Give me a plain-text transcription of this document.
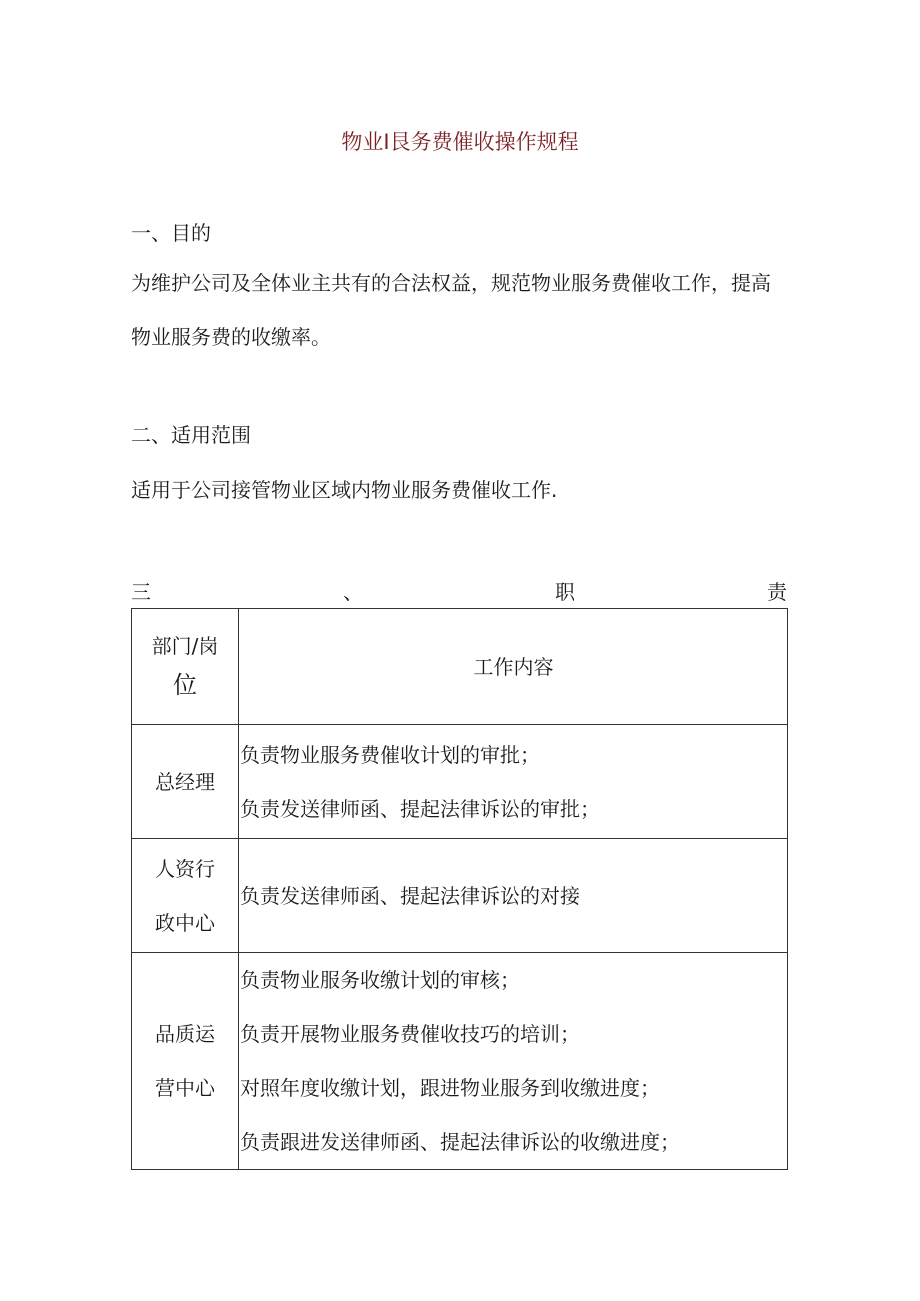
物业I艮务费催收操作规程
一、目的
为维护公司及全体业主共有的合法权益，规范物业服务费催收工作，提高
物业服务费的收缴率。
二、适用范围
适用于公司接管物业区域内物业服务费催收工作.
三	、	职	责
部门/岗
位	工作内容

总经理	负责物业服务费催收计划的审批；
负责发送律师函、提起法律诉讼的审批；

人资行
政中心	负责发送律师函、提起法律诉讼的对接

品质运
营中心	负责物业服务收缴计划的审核；
负责开展物业服务费催收技巧的培训；
对照年度收缴计划，跟进物业服务到收缴进度；
负责跟进发送律师函、提起法律诉讼的收缴进度；
